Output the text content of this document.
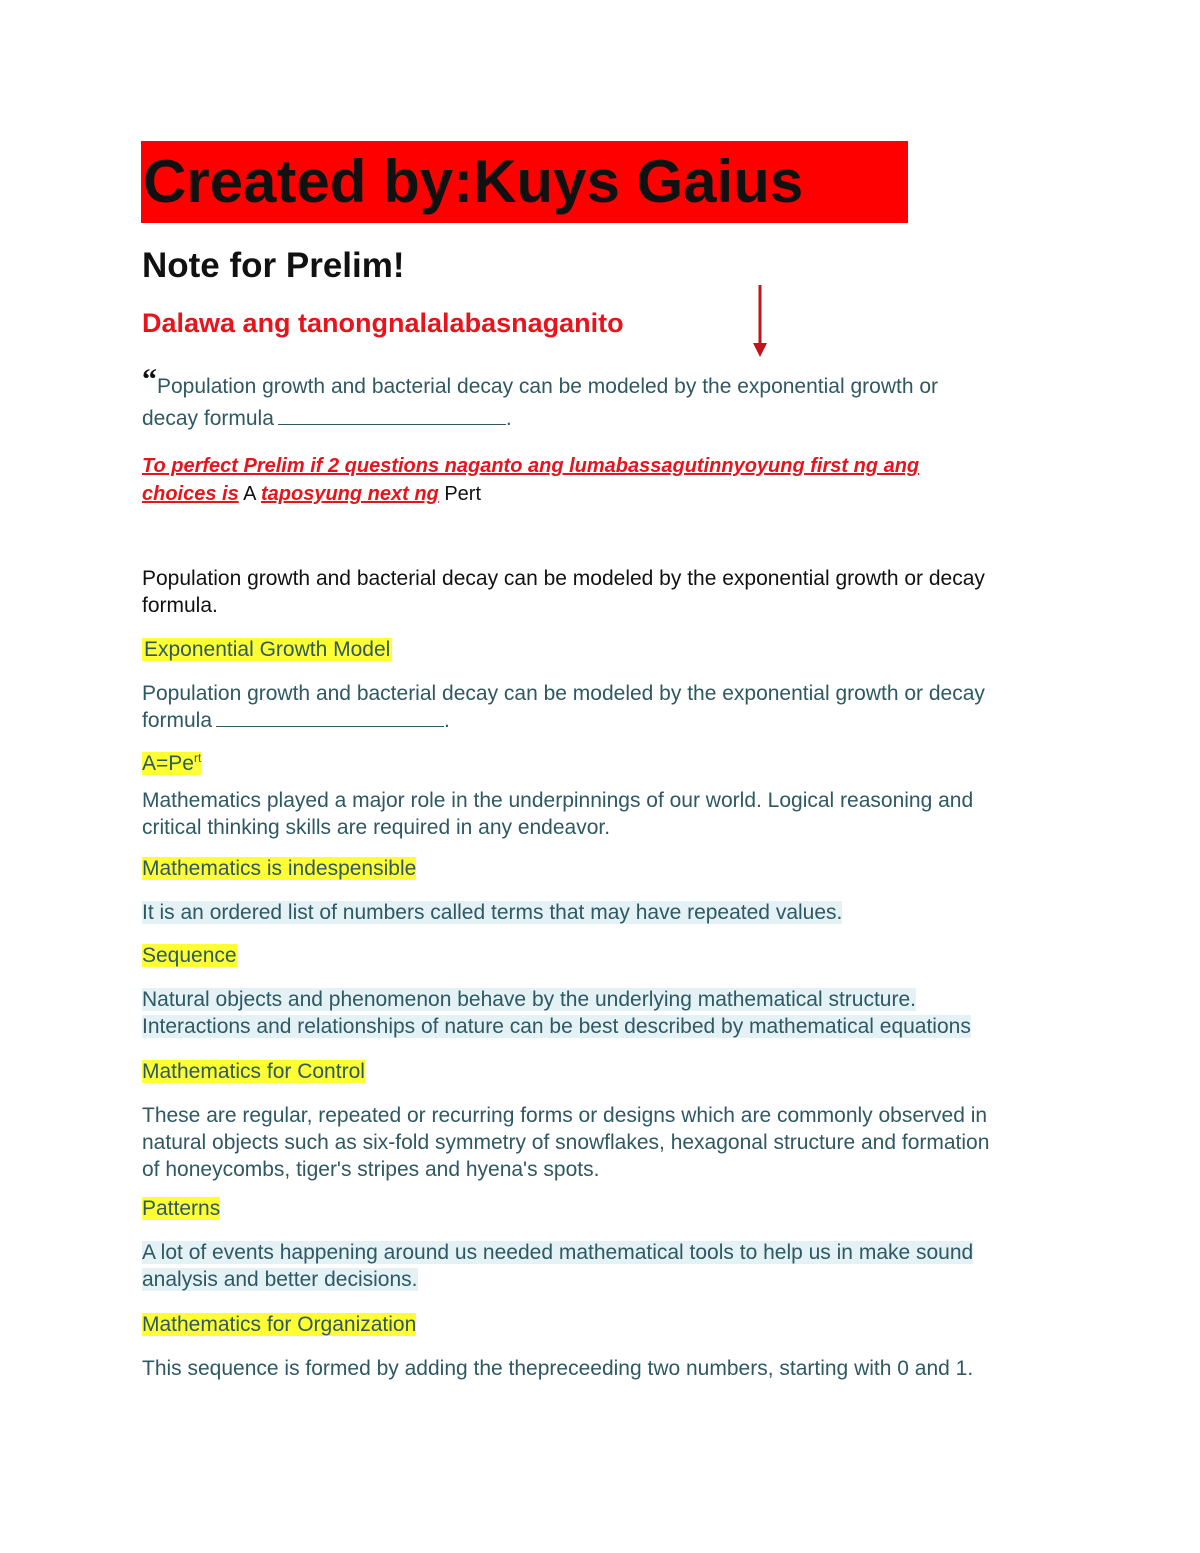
Created by:Kuys Gaius
Note for Prelim!
Dalawa ang tanongnalalabasnaganito
“Population growth and bacterial decay can be modeled by the exponential growth or
decay formula	.
To perfect Prelim if 2 questions naganto ang lumabassagutinnyoyung first ng ang
choices is A taposyung next ng Pert
Population growth and bacterial decay can be modeled by the exponential growth or decay
formula.
Exponential Growth Model
Population growth and bacterial decay can be modeled by the exponential growth or decay
formula	.
$A=Pe^{rt}$
Mathematics played a major role in the underpinnings of our world. Logical reasoning and
critical thinking skills are required in any endeavor.
Mathematics is indespensible
It is an ordered list of numbers called terms that may have repeated values.
Sequence
Natural objects and phenomenon behave by the underlying mathematical structure.
Interactions and relationships of nature can be best described by mathematical equations
Mathematics for Control
These are regular, repeated or recurring forms or designs which are commonly observed in
natural objects such as six-fold symmetry of snowflakes, hexagonal structure and formation
of honeycombs, tiger's stripes and hyena's spots.
Patterns
A lot of events happening around us needed mathematical tools to help us in make sound
analysis and better decisions.
Mathematics for Organization
This sequence is formed by adding the thepreceeding two numbers, starting with 0 and 1.
